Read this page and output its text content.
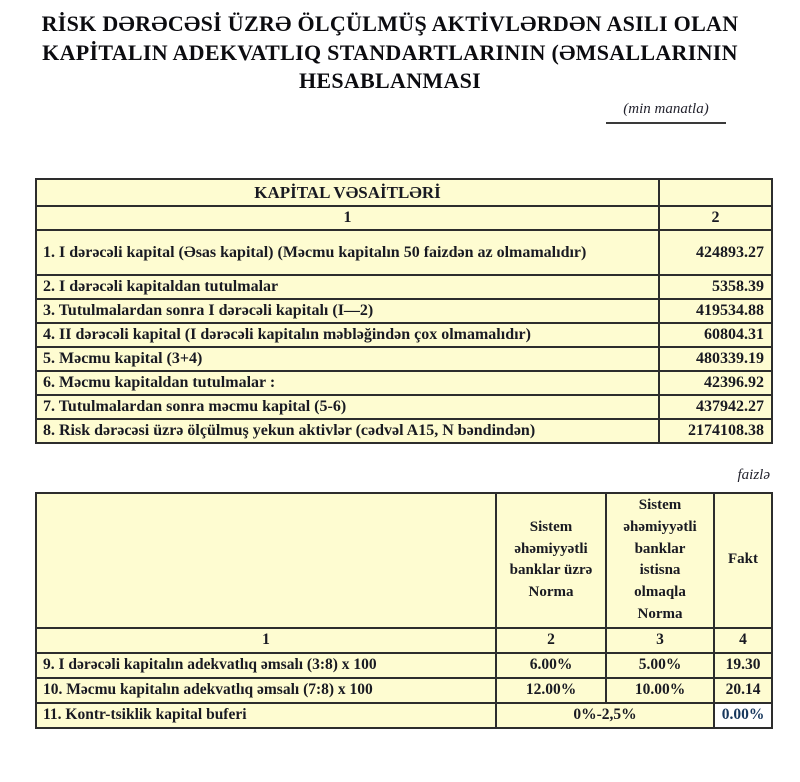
RİSK DƏRƏCƏSİ ÜZRƏ ÖLÇÜLMÜŞ AKTİVLƏRDƏN ASILI OLAN KAPİTALIN ADEKVATLIQ STANDARTLARININ (ƏMSALLARININ HESABLANMASI
(min manatla)
KAPİTAL VƏSAİTLƏRİ	
1	2
1. I dərəcəli kapital (Əsas kapital) (Məcmu kapitalın 50 faizdən az olmamalıdır)	424893.27
2. I dərəcəli kapitaldan tutulmalar	5358.39
3. Tutulmalardan sonra I dərəcəli kapitalı (I—2)	419534.88
4. II dərəcəli kapital (I dərəcəli kapitalın məbləğindən çox olmamalıdır)	60804.31
5. Məcmu kapital (3+4)	480339.19
6. Məcmu kapitaldan tutulmalar :	42396.92
7. Tutulmalardan sonra məcmu kapital (5-6)	437942.27
8. Risk dərəcəsi üzrə ölçülmuş yekun aktivlər (cədvəl A15, N bəndindən)	2174108.38
faizlə
	Sistem əhəmiyyətli banklar üzrə Norma	Sistem əhəmiyyətli banklar istisna olmaqla Norma	Fakt
1	2	3	4
9. I dərəcəli kapitalın adekvatlıq əmsalı (3:8) x 100	6.00%	5.00%	19.30
10. Məcmu kapitalın adekvatlıq əmsalı (7:8) x 100	12.00%	10.00%	20.14
11. Kontr-tsiklik kapital buferi	0%-2,5%		0.00%
